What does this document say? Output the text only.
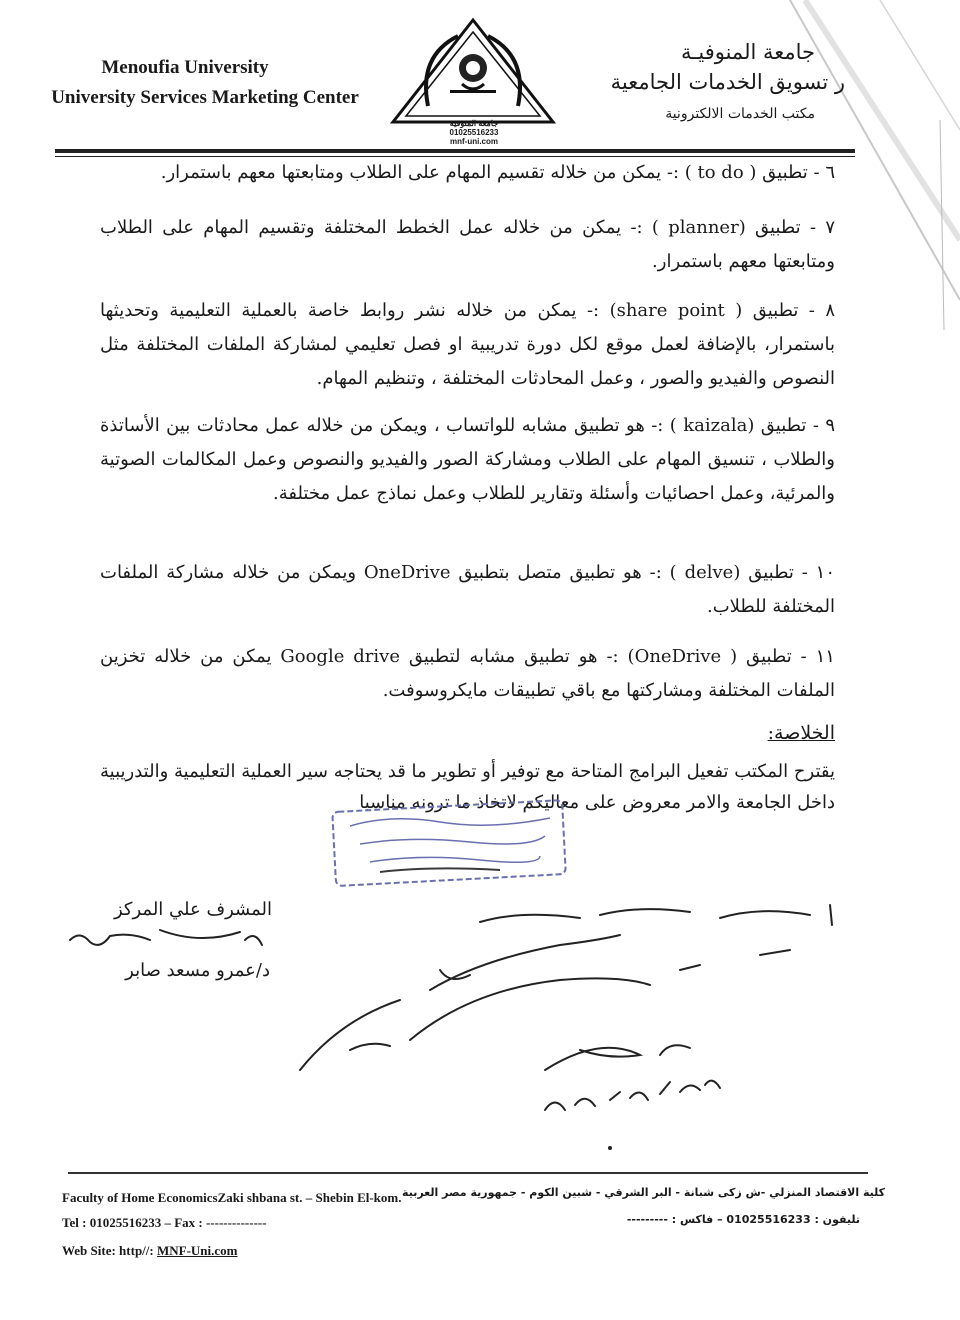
Menoufia University
University Services Marketing Center
جامعة المنوفيـة
ر تسويق الخدمات الجامعية
مكتب الخدمات الالكترونية
جامعة المنوفية
01025516233
mnf-uni.com
٦ - تطبيق ( to do ) :- يمكن من خلاله تقسيم المهام على الطلاب ومتابعتها معهم باستمرار.
٧ - تطبيق (planner ) :- يمكن من خلاله عمل الخطط المختلفة وتقسيم المهام على الطلاب ومتابعتها معهم باستمرار.
٨ - تطبيق ( share point) :- يمكن من خلاله نشر روابط خاصة بالعملية التعليمية وتحديثها باستمرار، بالإضافة لعمل موقع لكل دورة تدريبية او فصل تعليمي لمشاركة الملفات المختلفة مثل النصوص والفيديو والصور ، وعمل المحادثات المختلفة ، وتنظيم المهام.
٩ - تطبيق (kaizala ) :- هو تطبيق مشابه للواتساب ، ويمكن من خلاله عمل محادثات بين الأساتذة والطلاب ، تنسيق المهام على الطلاب ومشاركة الصور والفيديو والنصوص وعمل المكالمات الصوتية والمرئية، وعمل احصائيات وأسئلة وتقارير للطلاب وعمل نماذج عمل مختلفة.
١٠ - تطبيق (delve ) :- هو تطبيق متصل بتطبيق OneDrive ويمكن من خلاله مشاركة الملفات المختلفة للطلاب.
١١ - تطبيق ( OneDrive) :- هو تطبيق مشابه لتطبيق Google drive يمكن من خلاله تخزين الملفات المختلفة ومشاركتها مع باقي تطبيقات مايكروسوفت.
الخلاصة:
يقترح المكتب تفعيل البرامج المتاحة مع توفير أو تطوير ما قد يحتاجه سير العملية التعليمية والتدريبية داخل الجامعة والامر معروض على معاليكم لاتخاذ ما ترونه مناسبا
المشرف علي المركز
د/عمرو مسعد صابر
Faculty of Home EconomicsZaki shbana st. – Shebin El-kom.
Tel : 01025516233 – Fax : --------------
Web Site: http//: MNF-Uni.com
كلية الاقتصاد المنزلي -ش زكى شبانة - البر الشرقي - شبين الكوم - جمهورية مصر العربية
تليفون : 01025516233 – فاكس : ---------
